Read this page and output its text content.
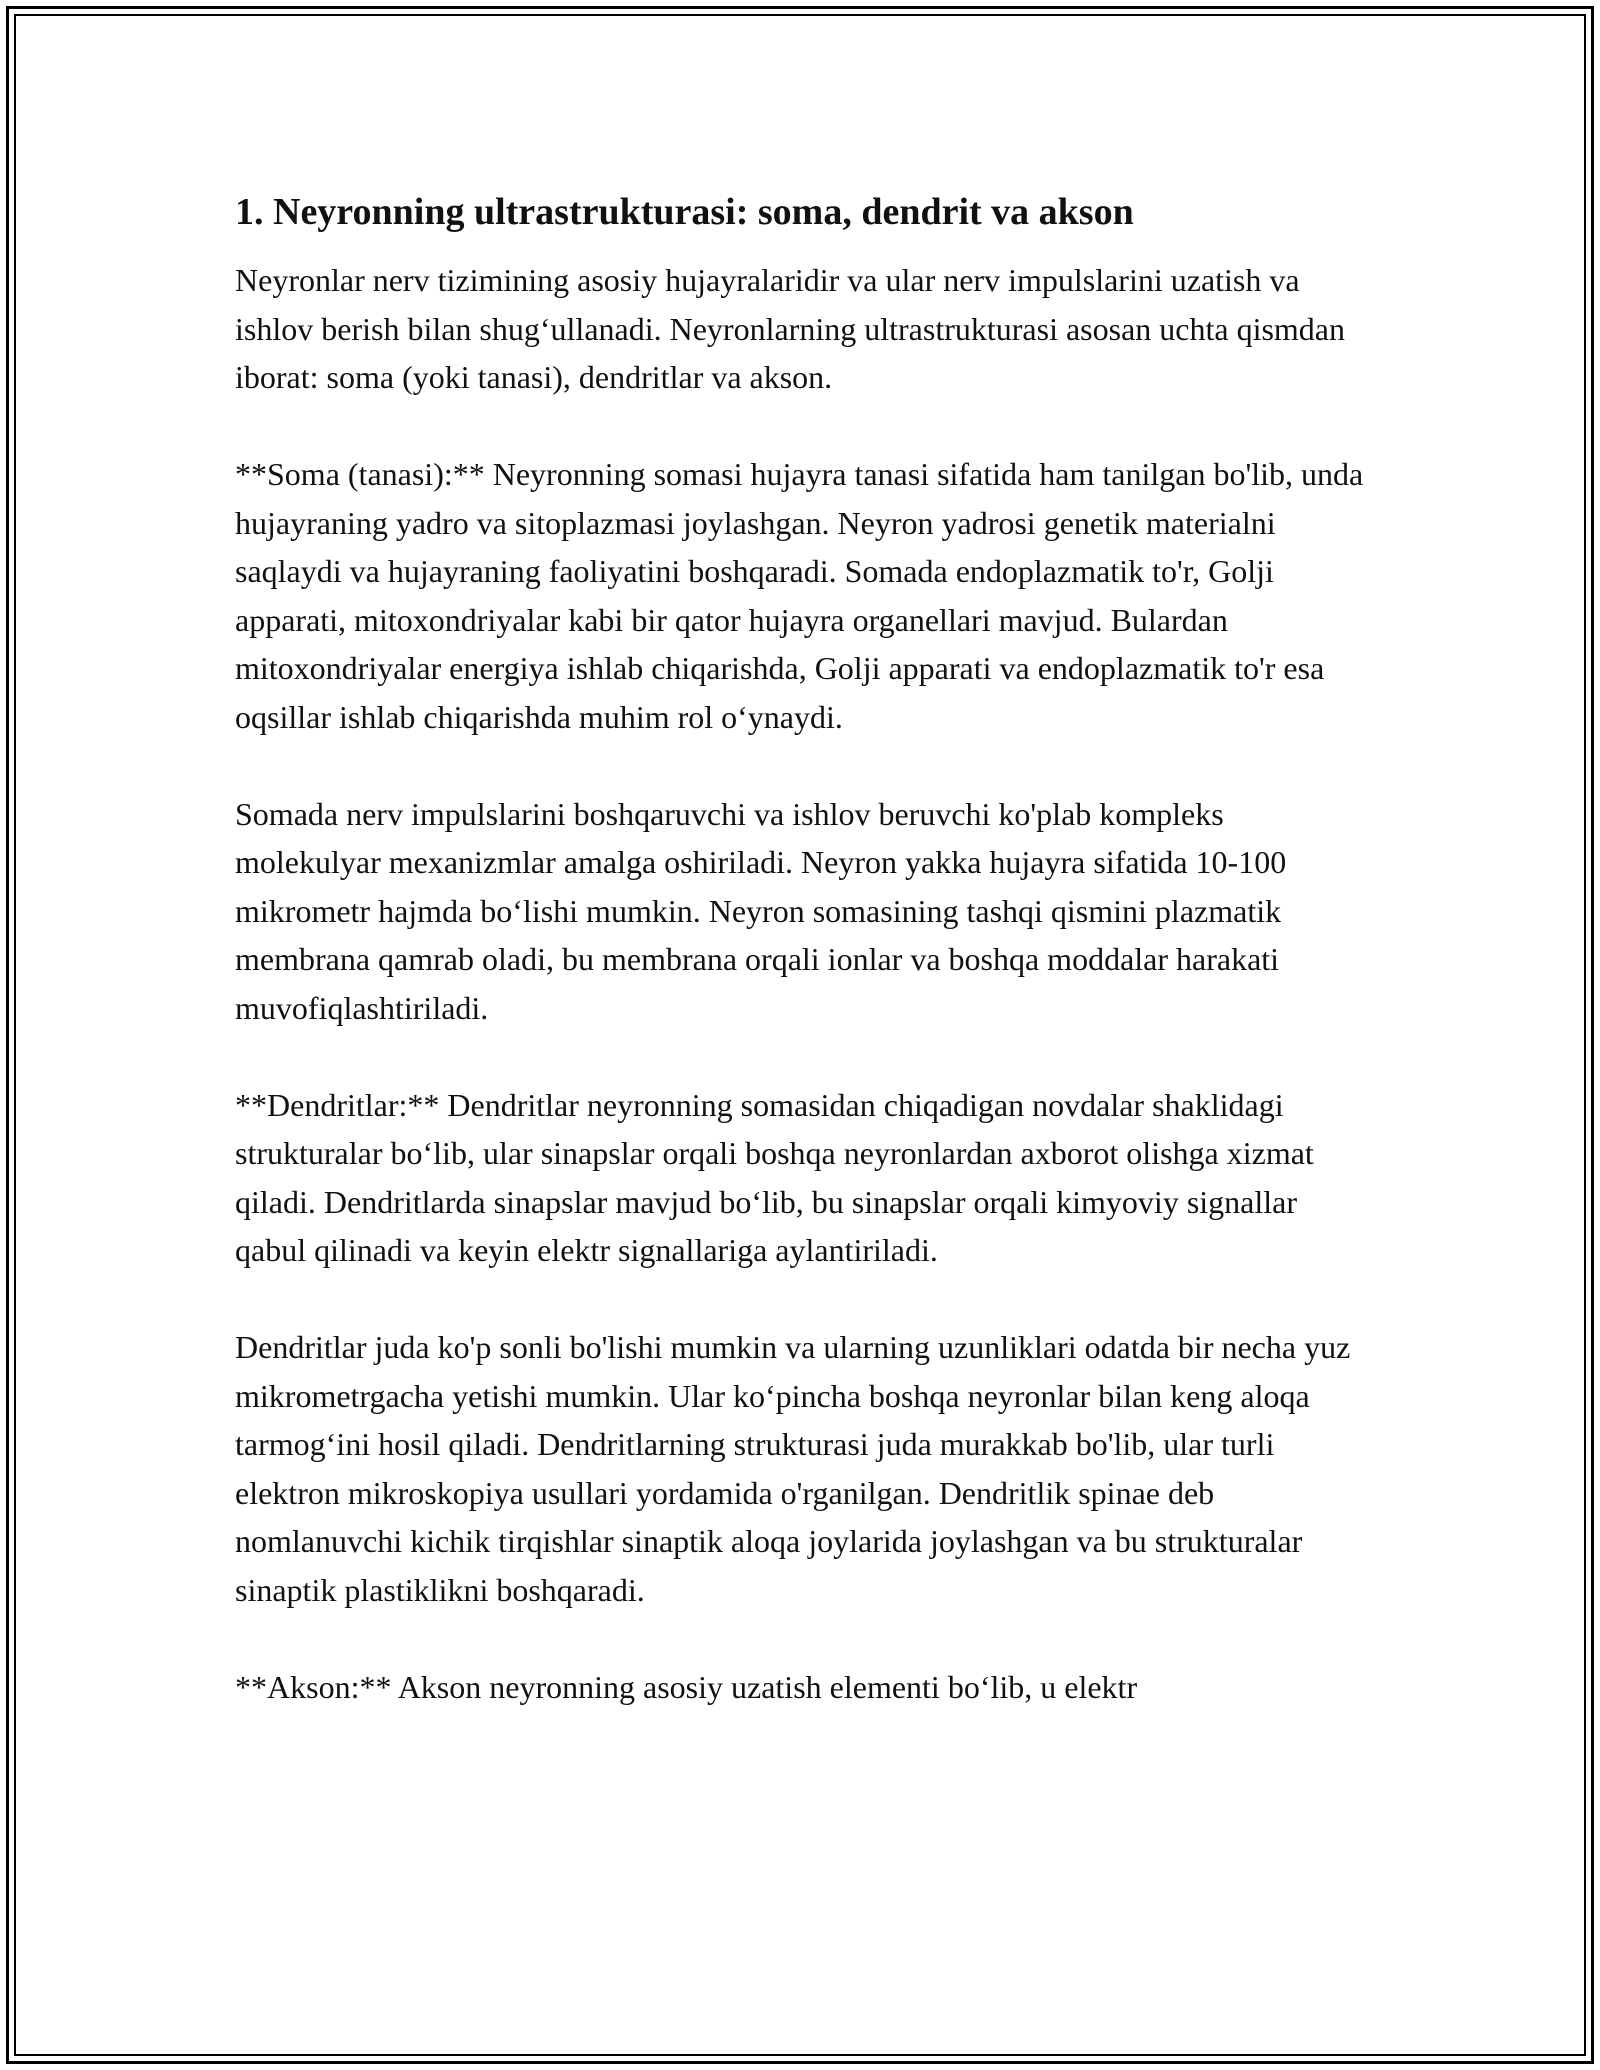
1. Neyronning ultrastrukturasi: soma, dendrit va akson

Neyronlar nerv tizimining asosiy hujayralaridir va ular nerv impulslarini uzatish va ishlov berish bilan shug‘ullanadi. Neyronlarning ultrastrukturasi asosan uchta qismdan iborat: soma (yoki tanasi), dendritlar va akson.

**Soma (tanasi):** Neyronning somasi hujayra tanasi sifatida ham tanilgan bo'lib, unda hujayraning yadro va sitoplazmasi joylashgan. Neyron yadrosi genetik materialni saqlaydi va hujayraning faoliyatini boshqaradi. Somada endoplazmatik to'r, Golji apparati, mitoxondriyalar kabi bir qator hujayra organellari mavjud. Bulardan mitoxondriyalar energiya ishlab chiqarishda, Golji apparati va endoplazmatik to'r esa oqsillar ishlab chiqarishda muhim rol o‘ynaydi.

Somada nerv impulslarini boshqaruvchi va ishlov beruvchi ko'plab kompleks molekulyar mexanizmlar amalga oshiriladi. Neyron yakka hujayra sifatida 10-100 mikrometr hajmda bo‘lishi mumkin. Neyron somasining tashqi qismini plazmatik membrana qamrab oladi, bu membrana orqali ionlar va boshqa moddalar harakati muvofiqlashtiriladi.

**Dendritlar:** Dendritlar neyronning somasidan chiqadigan novdalar shaklidagi strukturalar bo‘lib, ular sinapslar orqali boshqa neyronlardan axborot olishga xizmat qiladi. Dendritlarda sinapslar mavjud bo‘lib, bu sinapslar orqali kimyoviy signallar qabul qilinadi va keyin elektr signallariga aylantiriladi.

Dendritlar juda ko'p sonli bo'lishi mumkin va ularning uzunliklari odatda bir necha yuz mikrometrgacha yetishi mumkin. Ular ko‘pincha boshqa neyronlar bilan keng aloqa tarmog‘ini hosil qiladi. Dendritlarning strukturasi juda murakkab bo'lib, ular turli elektron mikroskopiya usullari yordamida o'rganilgan. Dendritlik spinae deb nomlanuvchi kichik tirqishlar sinaptik aloqa joylarida joylashgan va bu strukturalar sinaptik plastiklikni boshqaradi.

**Akson:** Akson neyronning asosiy uzatish elementi bo‘lib, u elektr
